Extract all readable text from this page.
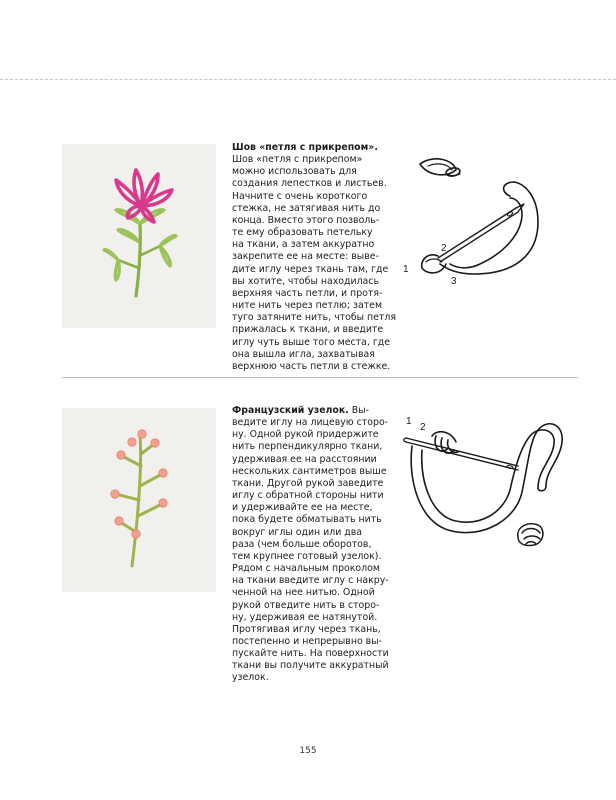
Шов «петля с прикрепом».
Шов «петля с прикрепом»
можно использовать для
создания лепестков и листьев.
Начните с очень короткого
стежка, не затягивая нить до
конца. Вместо этого позволь-
те ему образовать петельку
на ткани, а затем аккуратно
закрепите ее на месте: выве-
дите иглу через ткань там, где
вы хотите, чтобы находилась
верхняя часть петли, и протя-
ните нить через петлю; затем
туго затяните нить, чтобы петля
прижалась к ткани, и введите
иглу чуть выше того места, где
она вышла игла, захватывая
верхнюю часть петли в стежке.
1
2
3
Французский узелок. Вы-
ведите иглу на лицевую сторо-
ну. Одной рукой придержите
нить перпендикулярно ткани,
удерживая ее на расстоянии
нескольких сантиметров выше
ткани. Другой рукой заведите
иглу с обратной стороны нити
и удерживайте ее на месте,
пока будете обматывать нить
вокруг иглы один или два
раза (чем больше оборотов,
тем крупнее готовый узелок).
Рядом с начальным проколом
на ткани введите иглу с накру-
ченной на нее нитью. Одной
рукой отведите нить в сторо-
ну, удерживая ее натянутой.
Протягивая иглу через ткань,
постепенно и непрерывно вы-
пускайте нить. На поверхности
ткани вы получите аккуратный
узелок.
1
2
155
